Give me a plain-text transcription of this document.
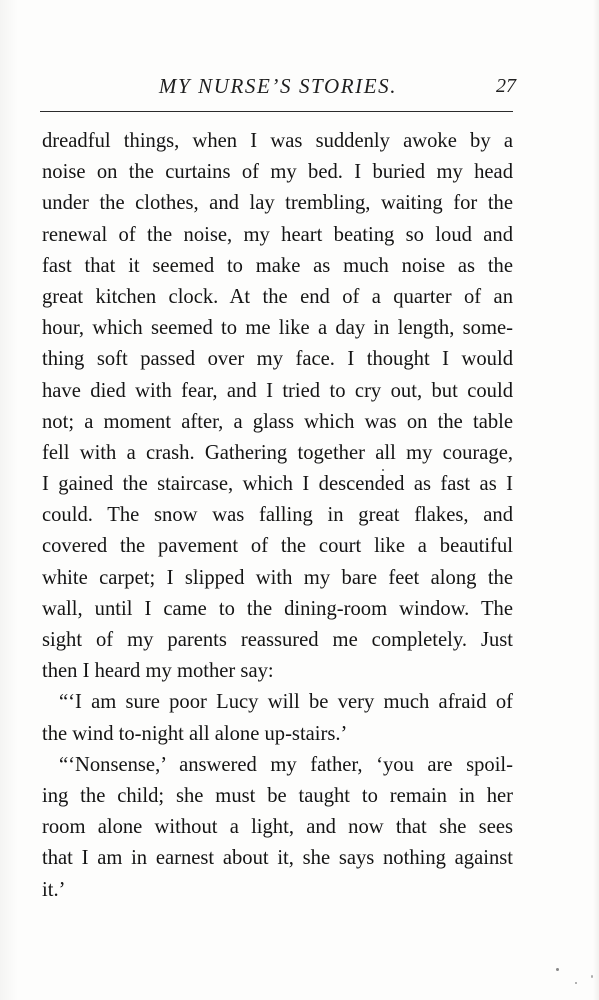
MY NURSE’S STORIES.	27
dreadful things, when I was suddenly awoke by a
noise on the curtains of my bed. I buried my head
under the clothes, and lay trembling, waiting for the
renewal of the noise, my heart beating so loud and
fast that it seemed to make as much noise as the
great kitchen clock. At the end of a quarter of an
hour, which seemed to me like a day in length, some-
thing soft passed over my face. I thought I would
have died with fear, and I tried to cry out, but could
not; a moment after, a glass which was on the table
fell with a crash. Gathering together all my courage,
I gained the staircase, which I descended as fast as I
could. The snow was falling in great flakes, and
covered the pavement of the court like a beautiful
white carpet; I slipped with my bare feet along the
wall, until I came to the dining-room window. The
sight of my parents reassured me completely. Just
then I heard my mother say:
“‘I am sure poor Lucy will be very much afraid of
the wind to-night all alone up-stairs.’
“‘Nonsense,’ answered my father, ‘you are spoil-
ing the child; she must be taught to remain in her
room alone without a light, and now that she sees
that I am in earnest about it, she says nothing against
it.’
